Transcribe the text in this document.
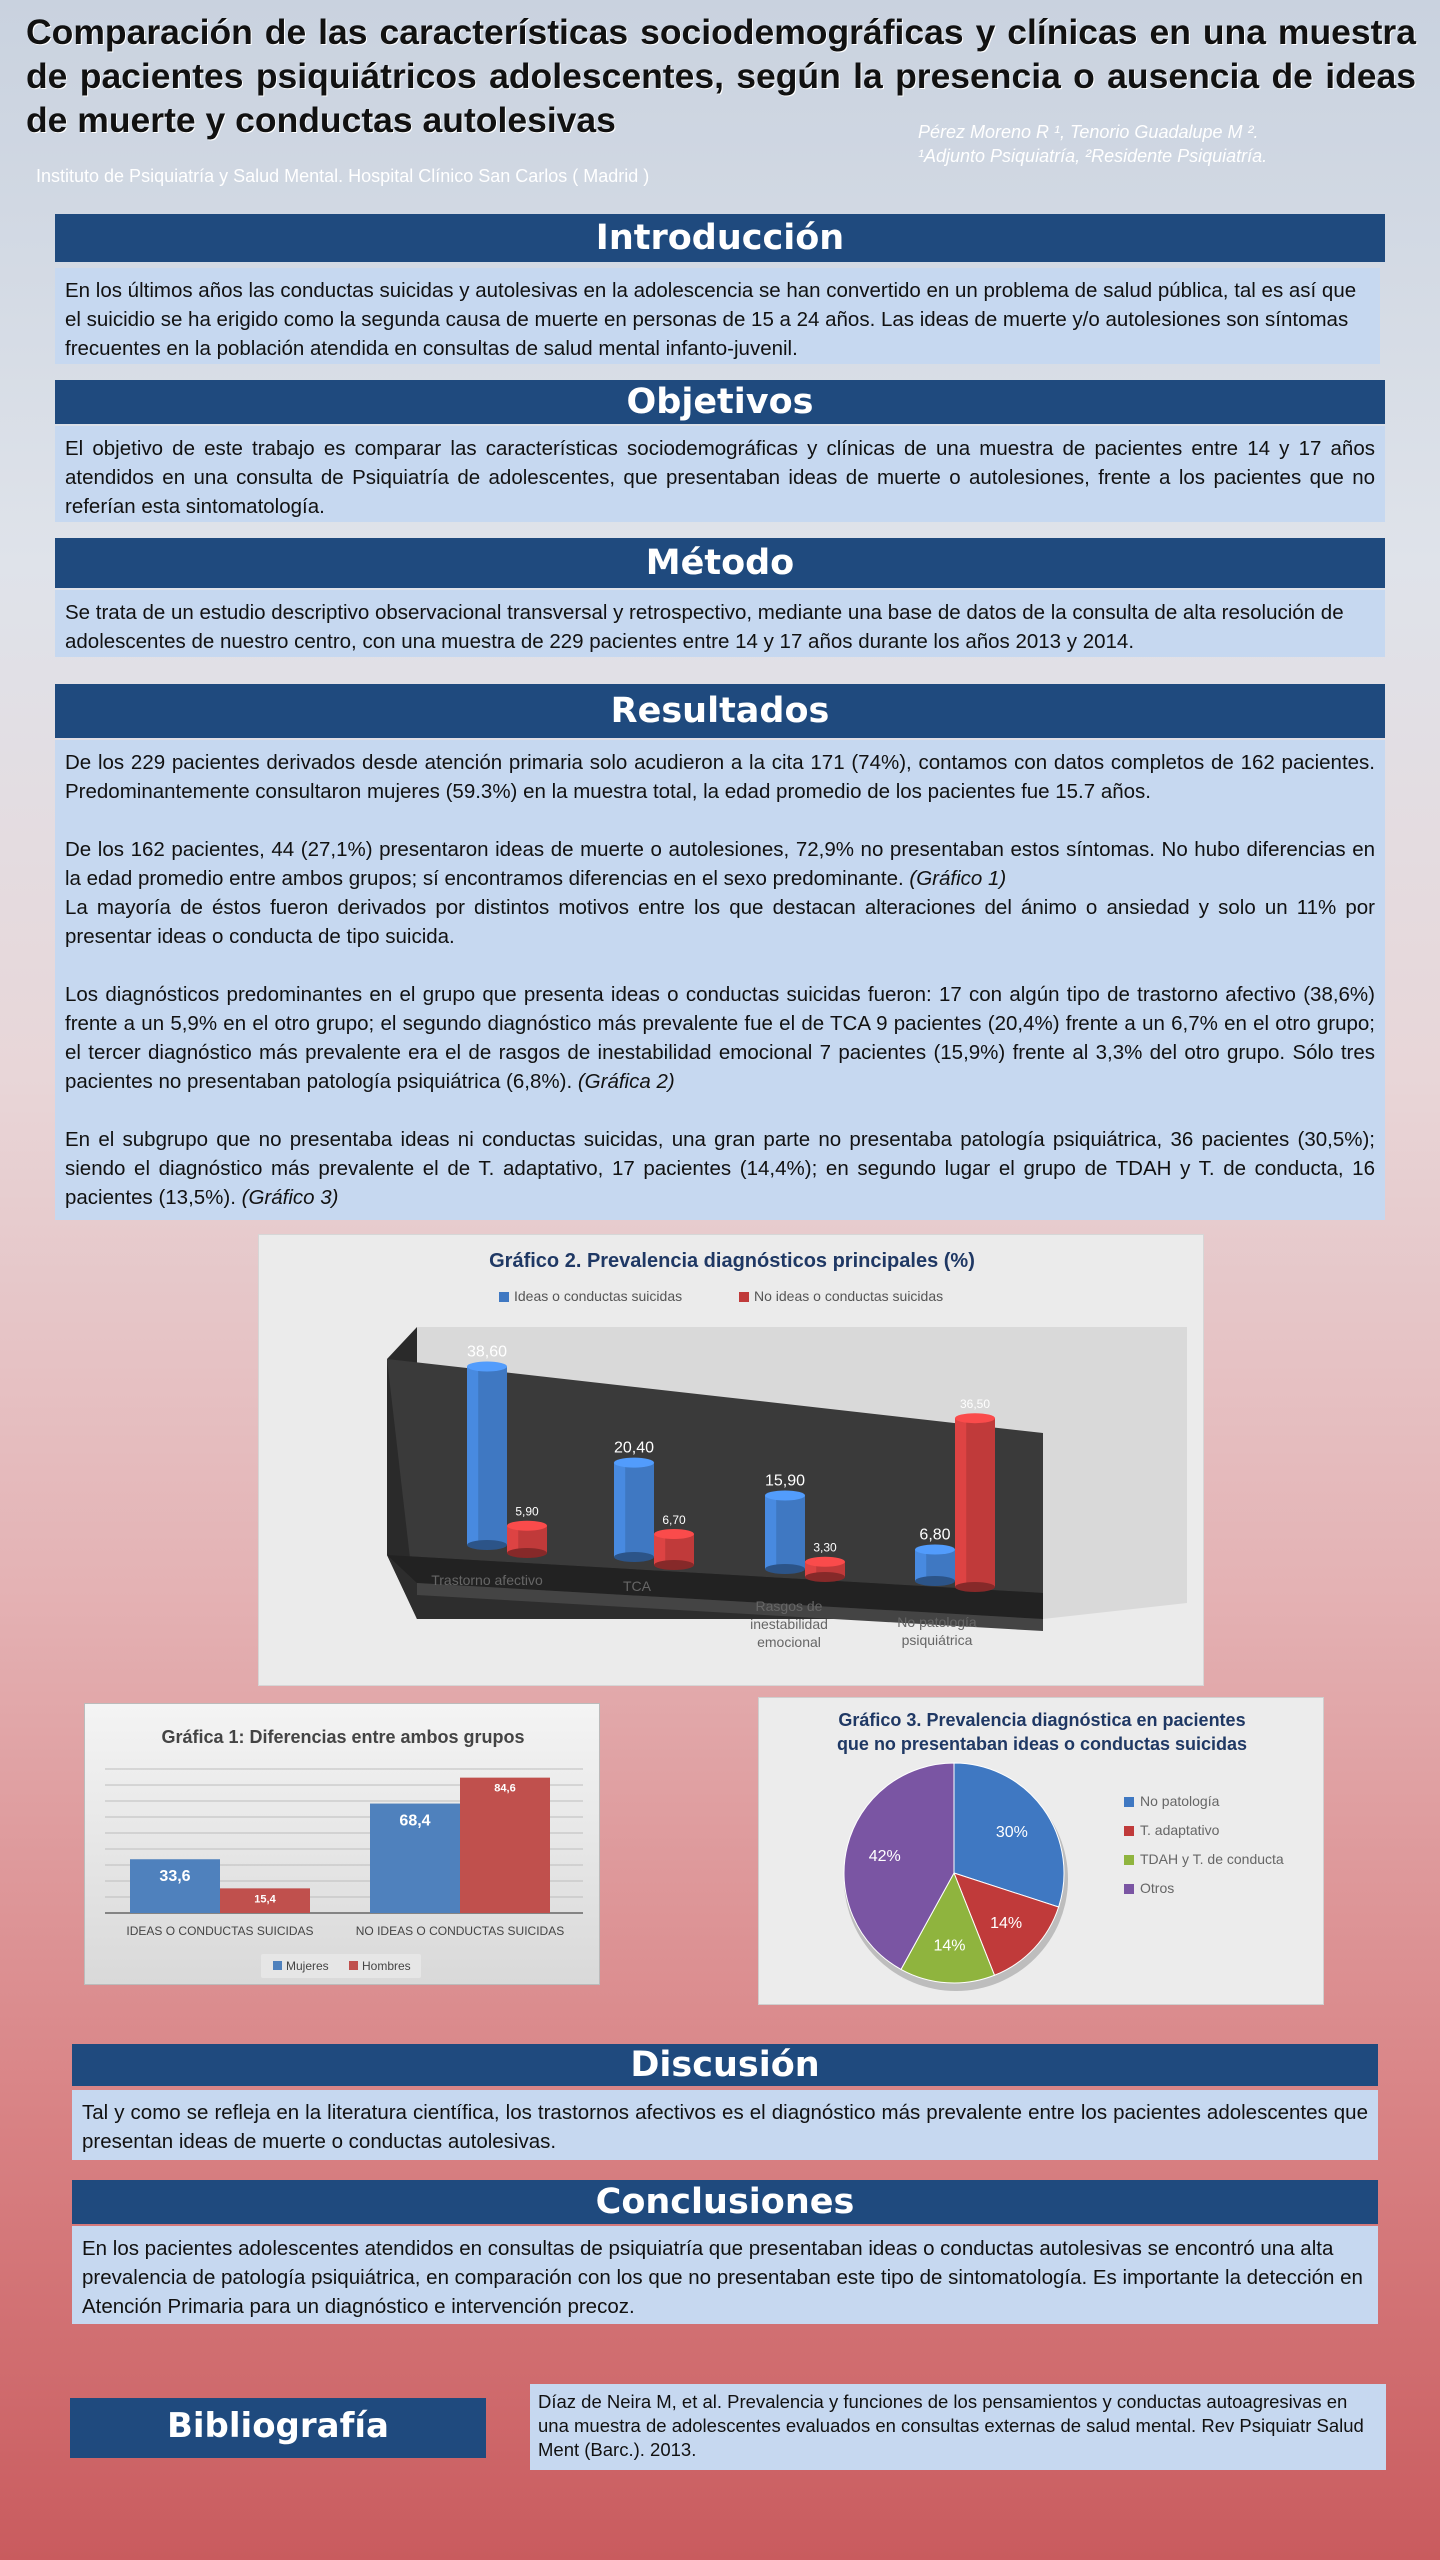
Comparación de las características sociodemográficas y clínicas en una muestra de pacientes psiquiátricos adolescentes, según la presencia o ausencia de ideas de muerte y conductas autolesivas	Pérez Moreno R ¹, Tenorio Guadalupe M ².
¹Adjunto Psiquiatría, ²Residente Psiquiatría.
Instituto de Psiquiatría y Salud Mental. Hospital Clínico San Carlos ( Madrid )
Introducción
En los últimos años las conductas suicidas y autolesivas en la adolescencia se han convertido en un problema de salud pública, tal es así que el suicidio se ha erigido como la segunda causa de muerte en personas de 15 a 24 años. Las ideas de muerte y/o autolesiones son síntomas frecuentes en la población atendida en consultas de salud mental infanto-juvenil.
Objetivos
El objetivo de este trabajo es comparar las características sociodemográficas y clínicas de una muestra de pacientes entre 14 y 17 años atendidos en una consulta de Psiquiatría de adolescentes, que presentaban ideas de muerte o autolesiones, frente a los pacientes que no referían esta sintomatología.
Método
Se trata de un estudio descriptivo observacional transversal y retrospectivo, mediante una base de datos de la consulta de alta resolución de adolescentes de nuestro centro, con una muestra de 229 pacientes entre 14 y 17 años durante los años 2013 y 2014.
Resultados

De los 229 pacientes derivados desde atención primaria solo acudieron a la cita 171 (74%), contamos con datos completos de 162 pacientes. Predominantemente consultaron mujeres (59.3%) en la muestra total, la edad promedio de los pacientes fue 15.7 años.

De los 162 pacientes, 44 (27,1%) presentaron ideas de muerte o autolesiones, 72,9% no presentaban estos síntomas. No hubo diferencias en la edad promedio entre ambos grupos; sí encontramos diferencias en el sexo predominante. (Gráfico 1)

La mayoría de éstos fueron derivados por distintos motivos entre los que destacan alteraciones del ánimo o ansiedad y solo un 11% por presentar ideas o conducta de tipo suicida.

Los diagnósticos predominantes en el grupo que presenta ideas o conductas suicidas fueron: 17 con algún tipo de trastorno afectivo (38,6%) frente a un 5,9% en el otro grupo; el segundo diagnóstico más prevalente fue el de TCA 9 pacientes (20,4%) frente a un 6,7% en el otro grupo; el tercer diagnóstico más prevalente era el de rasgos de inestabilidad emocional 7 pacientes (15,9%) frente al 3,3% del otro grupo. Sólo tres pacientes no presentaban patología psiquiátrica (6,8%). (Gráfica 2)

En el subgrupo que no presentaba ideas ni conductas suicidas, una gran parte no presentaba patología psiquiátrica, 36 pacientes (30,5%); siendo el diagnóstico más prevalente el de T. adaptativo, 17 pacientes (14,4%); en segundo lugar el grupo de TDAH y T. de conducta, 16 pacientes (13,5%). (Gráfico 3)

Gráfico 2. Prevalencia diagnósticos principales (%)
Ideas o conductas suicidas	No ideas o conductas suicidas
38,60
5,90
20,40
6,70
15,90
3,30
6,80
36,50
Trastorno afectivo	TCA
Rasgos de
inestabilidad
emocional
No patología
psiquiátrica
Gráfica 1: Diferencias entre ambos grupos
33,6
15,4
IDEAS O CONDUCTAS SUICIDAS
68,4
84,6
NO IDEAS O CONDUCTAS SUICIDAS
Mujeres	Hombres
Gráfico 3. Prevalencia diagnóstica en pacientes
que no presentaban ideas o conductas suicidas
30%
14%
14%
42%
No patología
T. adaptativo
TDAH y T. de conducta
Otros
Discusión
Tal y como se refleja en la literatura científica, los trastornos afectivos es el diagnóstico más prevalente entre los pacientes adolescentes que presentan ideas de muerte o conductas autolesivas.
Conclusiones
En los pacientes adolescentes atendidos en consultas de psiquiatría que presentaban ideas o conductas autolesivas se encontró una alta prevalencia de patología psiquiátrica, en comparación con los que no presentaban este tipo de sintomatología. Es importante la detección en Atención Primaria para un diagnóstico e intervención precoz.
Bibliografía
Díaz de Neira M, et al. Prevalencia y funciones de los pensamientos y conductas autoagresivas en una muestra de adolescentes evaluados en consultas externas de salud mental. Rev Psiquiatr Salud Ment (Barc.). 2013.
